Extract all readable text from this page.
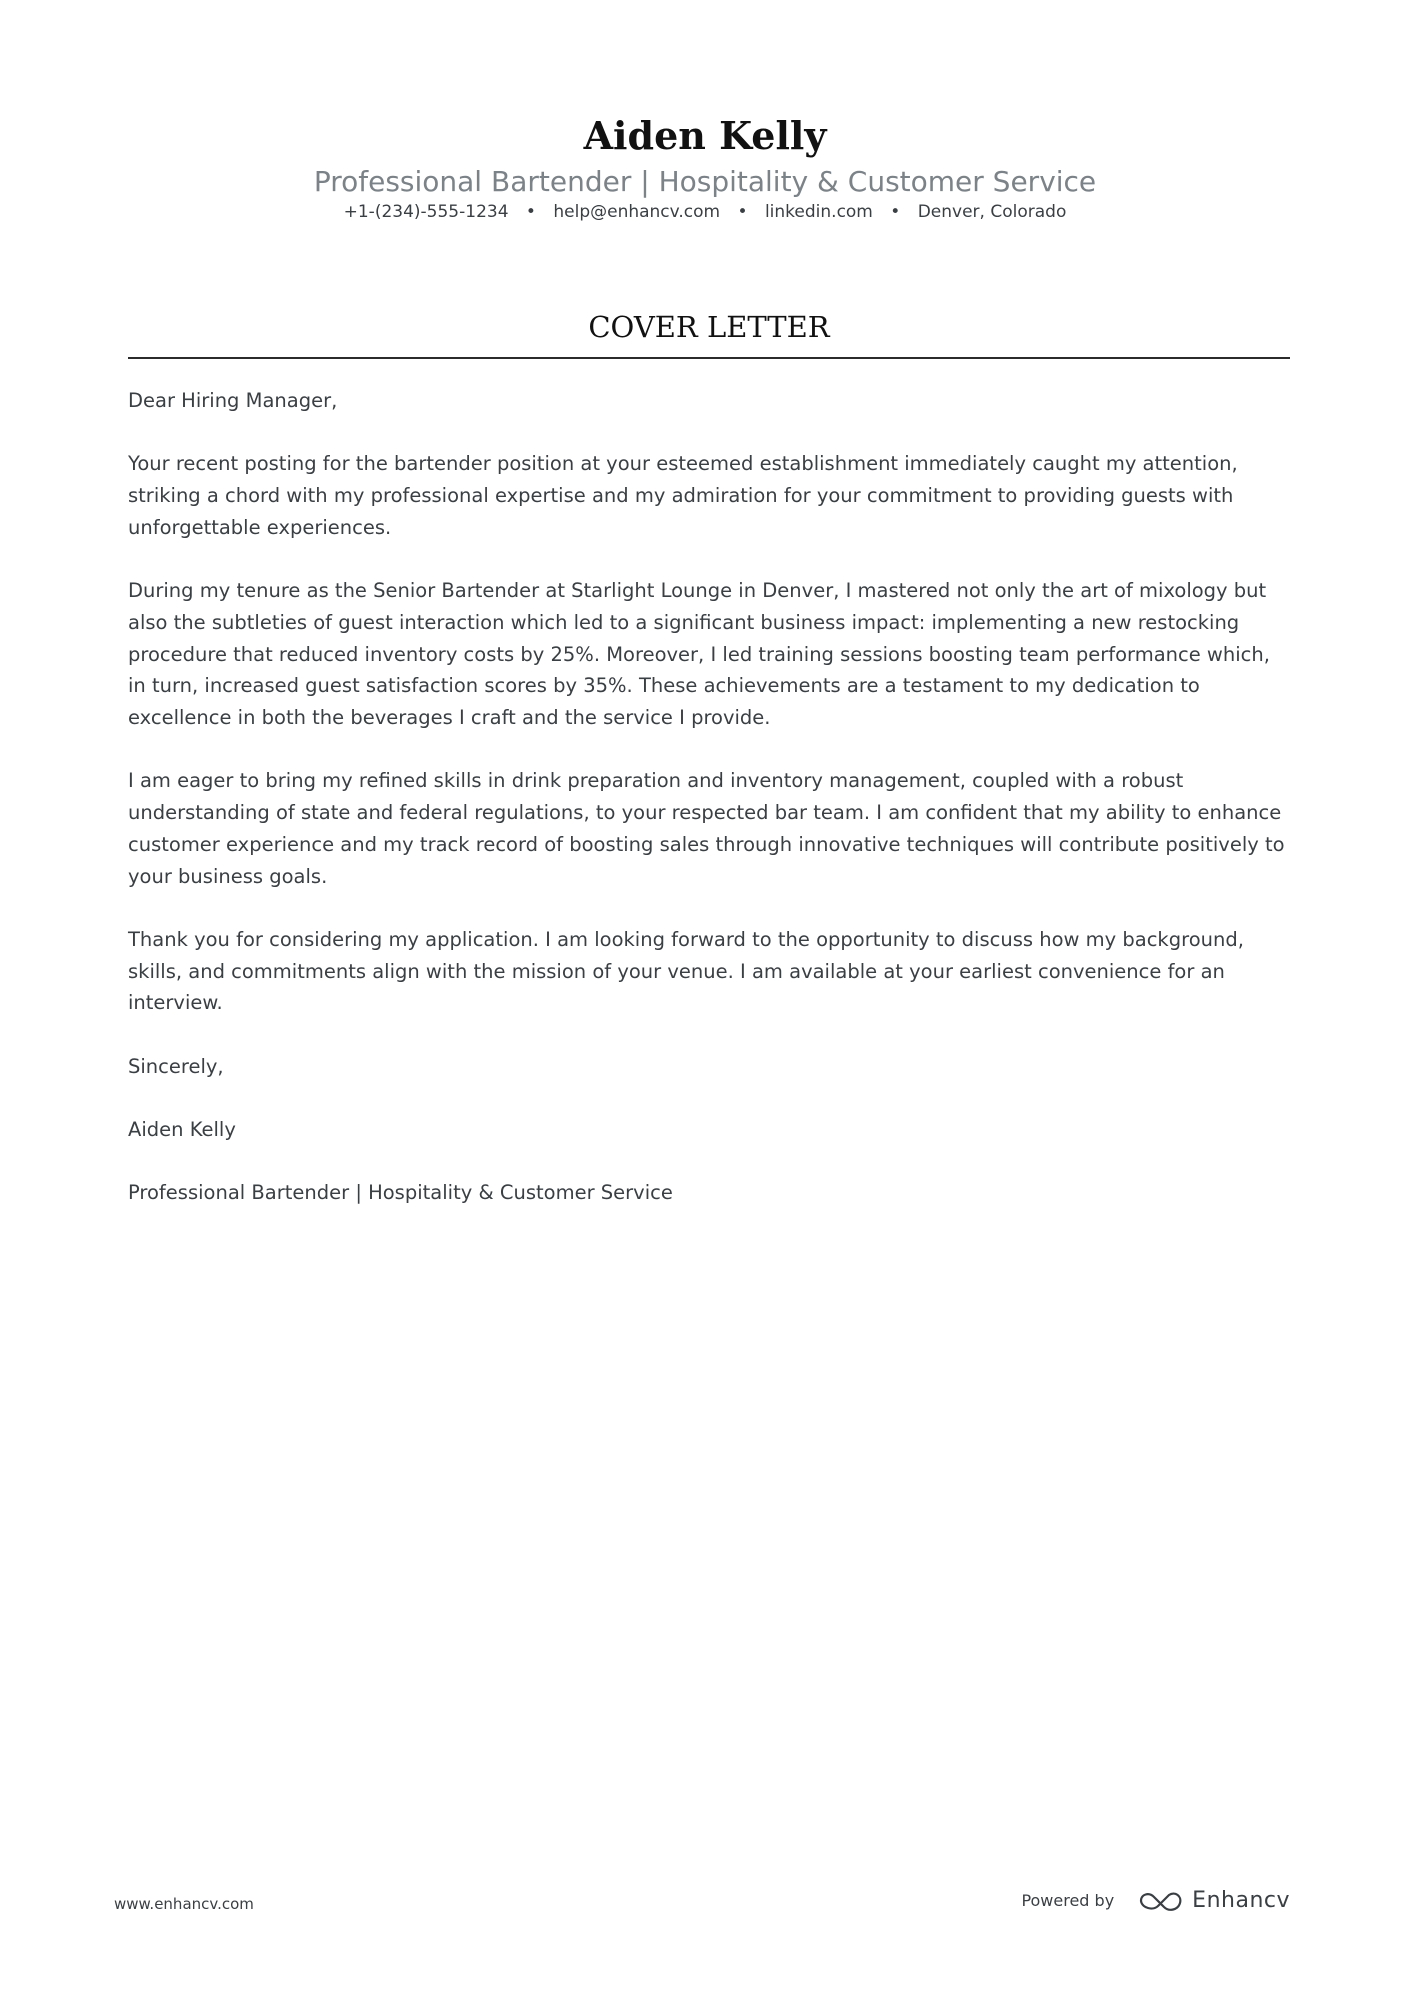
Aiden Kelly
Professional Bartender | Hospitality & Customer Service
+1-(234)-555-1234 • help@enhancv.com • linkedin.com • Denver, Colorado
COVER LETTER

Dear Hiring Manager,

Your recent posting for the bartender position at your esteemed establishment immediately caught my attention, striking a chord with my professional expertise and my admiration for your commitment to providing guests with unforgettable experiences.

During my tenure as the Senior Bartender at Starlight Lounge in Denver, I mastered not only the art of mixology but also the subtleties of guest interaction which led to a significant business impact: implementing a new restocking procedure that reduced inventory costs by 25%. Moreover, I led training sessions boosting team performance which, in turn, increased guest satisfaction scores by 35%. These achievements are a testament to my dedication to excellence in both the beverages I craft and the service I provide.

I am eager to bring my refined skills in drink preparation and inventory management, coupled with a robust understanding of state and federal regulations, to your respected bar team. I am confident that my ability to enhance customer experience and my track record of boosting sales through innovative techniques will contribute positively to your business goals.

Thank you for considering my application. I am looking forward to the opportunity to discuss how my background, skills, and commitments align with the mission of your venue. I am available at your earliest convenience for an interview.

Sincerely,

Aiden Kelly

Professional Bartender | Hospitality & Customer Service

www.enhancv.com	Powered by	Enhancv
